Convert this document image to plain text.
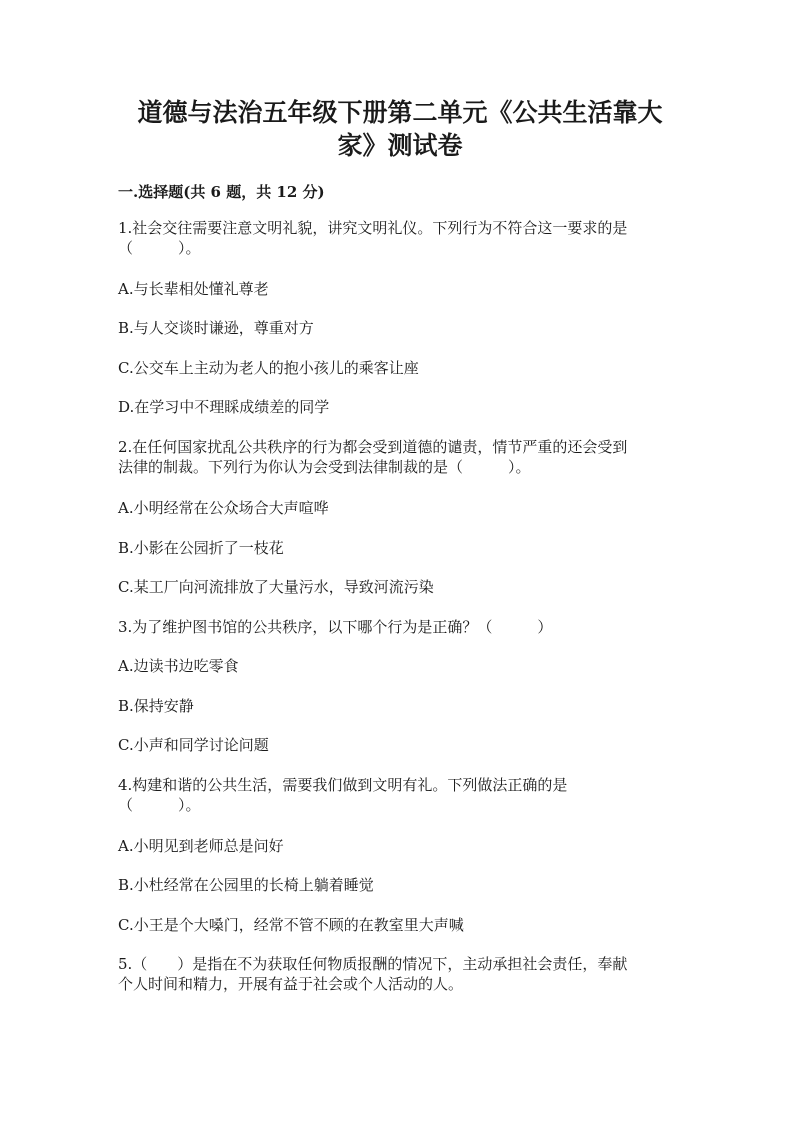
道德与法治五年级下册第二单元《公共生活靠大
家》测试卷
一.选择题(共 6 题，共 12 分)
1.社会交往需要注意文明礼貌，讲究文明礼仪。下列行为不符合这一要求的是
（　　　）。
A.与长辈相处懂礼尊老
B.与人交谈时谦逊，尊重对方
C.公交车上主动为老人的抱小孩儿的乘客让座
D.在学习中不理睬成绩差的同学
2.在任何国家扰乱公共秩序的行为都会受到道德的谴责，情节严重的还会受到
法律的制裁。下列行为你认为会受到法律制裁的是（　　　）。
A.小明经常在公众场合大声喧哗
B.小影在公园折了一枝花
C.某工厂向河流排放了大量污水，导致河流污染
3.为了维护图书馆的公共秩序，以下哪个行为是正确？（　　　）
A.边读书边吃零食
B.保持安静
C.小声和同学讨论问题
4.构建和谐的公共生活，需要我们做到文明有礼。下列做法正确的是
（　　　）。
A.小明见到老师总是问好
B.小杜经常在公园里的长椅上躺着睡觉
C.小王是个大嗓门，经常不管不顾的在教室里大声喊
5.（　　）是指在不为获取任何物质报酬的情况下，主动承担社会责任，奉献
个人时间和精力，开展有益于社会或个人活动的人。
